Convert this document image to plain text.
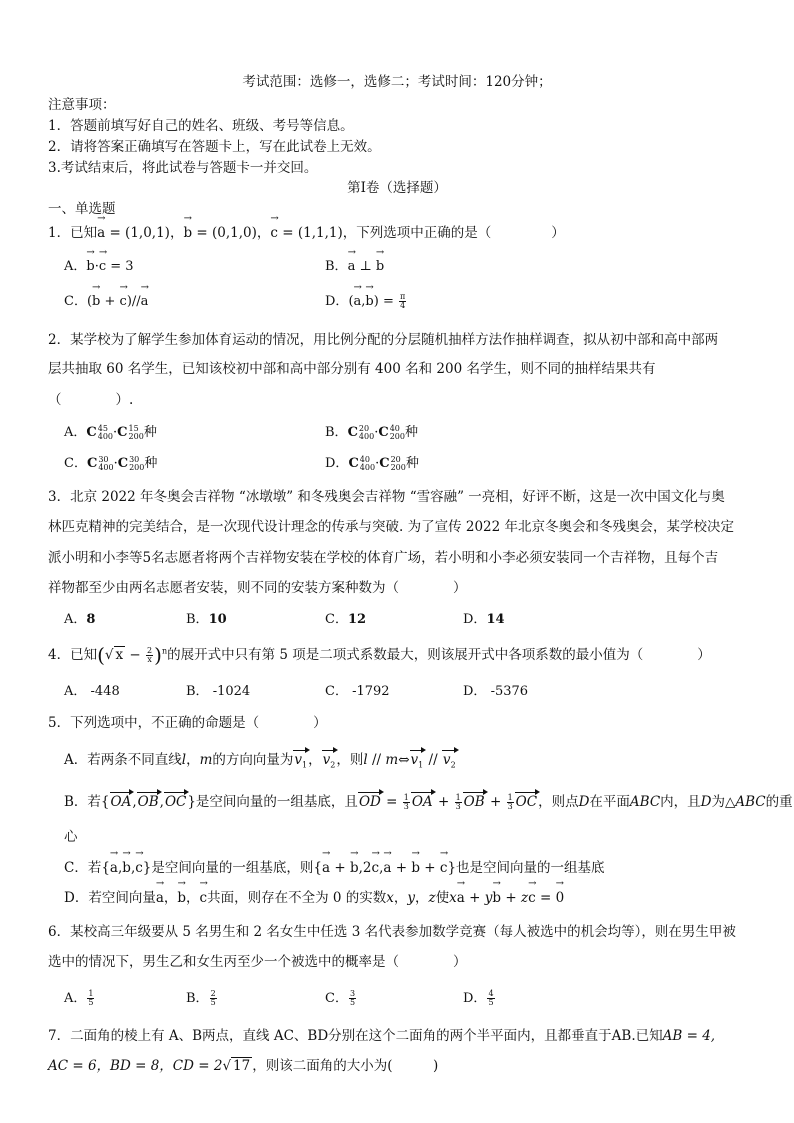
考试范围：选修一，选修二；考试时间：120分钟；
注意事项：
1．答题前填写好自己的姓名、班级、考号等信息。
2．请将答案正确填写在答题卡上，写在此试卷上无效。
3.考试结束后，将此试卷与答题卡一并交回。
第I卷（选择题）
一、单选题
1．已知→ a = (1,0,1)，→ b = (0,1,0)，→ c = (1,1,1)，下列选项中正确的是（	）
A．→ b·→ c = 3	B．→ a ⊥ → b
C．(→ b + → c)//→ a	D．(→ $a,\to b) = \frac{\pi}{4}$
2．某学校为了解学生参加体育运动的情况，用比例分配的分层随机抽样方法作抽样调查，拟从初中部和高中部两
层共抽取 60 名学生，已知该校初中部和高中部分别有 400 名和 200 名学生，则不同的抽样结果共有
（　　　　）.
A．C 45
400 ·C 15
200 种	B．C 20
400 ·C 40
200 种
C．C 30
400 ·C 30
200 种	D．C 40
400 ·C 20
200 种
3．北京 2022 年冬奥会吉祥物 “冰墩墩” 和冬残奥会吉祥物 “雪容融” 一亮相，好评不断，这是一次中国文化与奥
林匹克精神的完美结合，是一次现代设计理念的传承与突破. 为了宣传 2022 年北京冬奥会和冬残奥会，某学校决定
派小明和小李等5名志愿者将两个吉祥物安装在学校的体育广场，若小明和小李必须安装同一个吉祥物，且每个吉
祥物都至少由两名志愿者安装，则不同的安装方案种数为（　　　　）
A．8	B．10	C．12	D．14
4．已知(√ $x - \frac{2}{x} )^n$的展开式中只有第 5 项是二项式系数最大，则该展开式中各项系数的最小值为（　　　　）
A． -448	B． -1024	C． -1792	D． -5376
5．下列选项中，不正确的命题是（　　　　）
A．若两条不同直线l，m的方向向量为$v_1$，$v_2$，则l // $m\Leftrightarrow v_1 // v_2$
B．若{OA,OB,OC}是空间向量的一组基底，且OD = $\frac{1}{3}$ OA + $\frac{1}{3}$ OB + $\frac{1}{3}$ OC，则点D在平面ABC内，且D为△ABC的重
心
C．若{→ a,→ b,→ c}是空间向量的一组基底，则{→ a + → b,2→ c,→ a + → b + → c}也是空间向量的一组基底
D．若空间向量→ a，→ b，→ c共面，则存在不全为 0 的实数x，y，z使x→ a + y→ b + z→ c = → 0
6．某校高三年级要从 5 名男生和 2 名女生中任选 3 名代表参加数学竞赛（每人被选中的机会均等），则在男生甲被
选中的情况下，男生乙和女生丙至少一个被选中的概率是（　　　　）
A． $\frac{1}{5}$	B． $\frac{2}{5}$	C． $\frac{3}{5}$	D． $\frac{4}{5}$
7．二面角的棱上有 A、B两点，直线 AC、BD分别在这个二面角的两个半平面内，且都垂直于AB.已知AB = 4,
AC = 6，BD = 8，CD = 2√ 17 ，则该二面角的大小为(　　　)
